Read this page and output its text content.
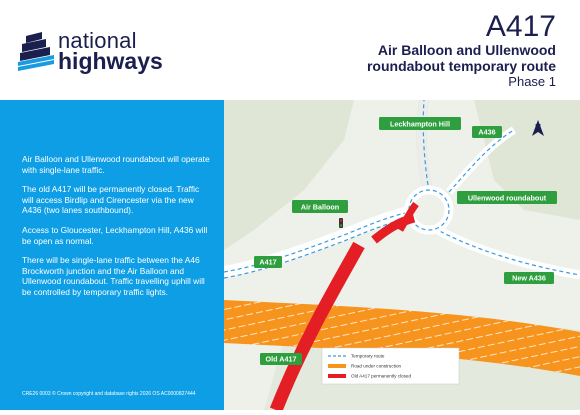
national
highways
A417
Air Balloon and Ullenwood
roundabout temporary route
Phase 1

Air Balloon and Ullenwood roundabout will operate with single-lane traffic.

The old A417 will be permanently closed. Traffic will access Birdlip and Cirencester via the new A436 (two lanes southbound).

Access to Gloucester, Leckhampton Hill, A436 will be open as normal.

There will be single-lane traffic between the A46 Brockworth junction and the Air Balloon and Ullenwood roundabout. Traffic travelling uphill will be controlled by temporary traffic lights.

CRE26 0003 © Crown copyright and database rights 2026 OS AC0000827444
N
Leckhampton Hill
A436
Air Balloon
Ullenwood roundabout
A417
New A436
Old A417	Temporary route
Road under construction
Old A417 permanently closed
